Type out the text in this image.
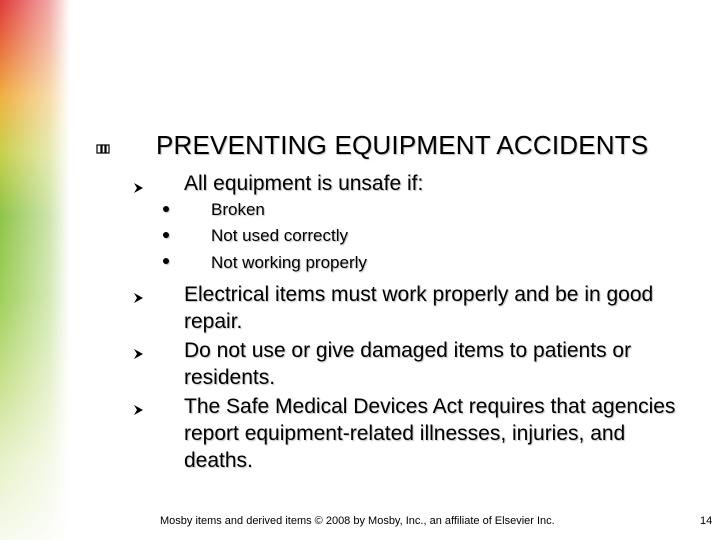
PREVENTING EQUIPMENT ACCIDENTS
All equipment is unsafe if:
Broken
Not used correctly
Not working properly
Electrical items must work properly and be in good repair.
Do not use or give damaged items to patients or residents.
The Safe Medical Devices Act requires that agencies report equipment-related illnesses, injuries, and deaths.
Mosby items and derived items © 2008 by Mosby, Inc., an affiliate of Elsevier Inc.	14
